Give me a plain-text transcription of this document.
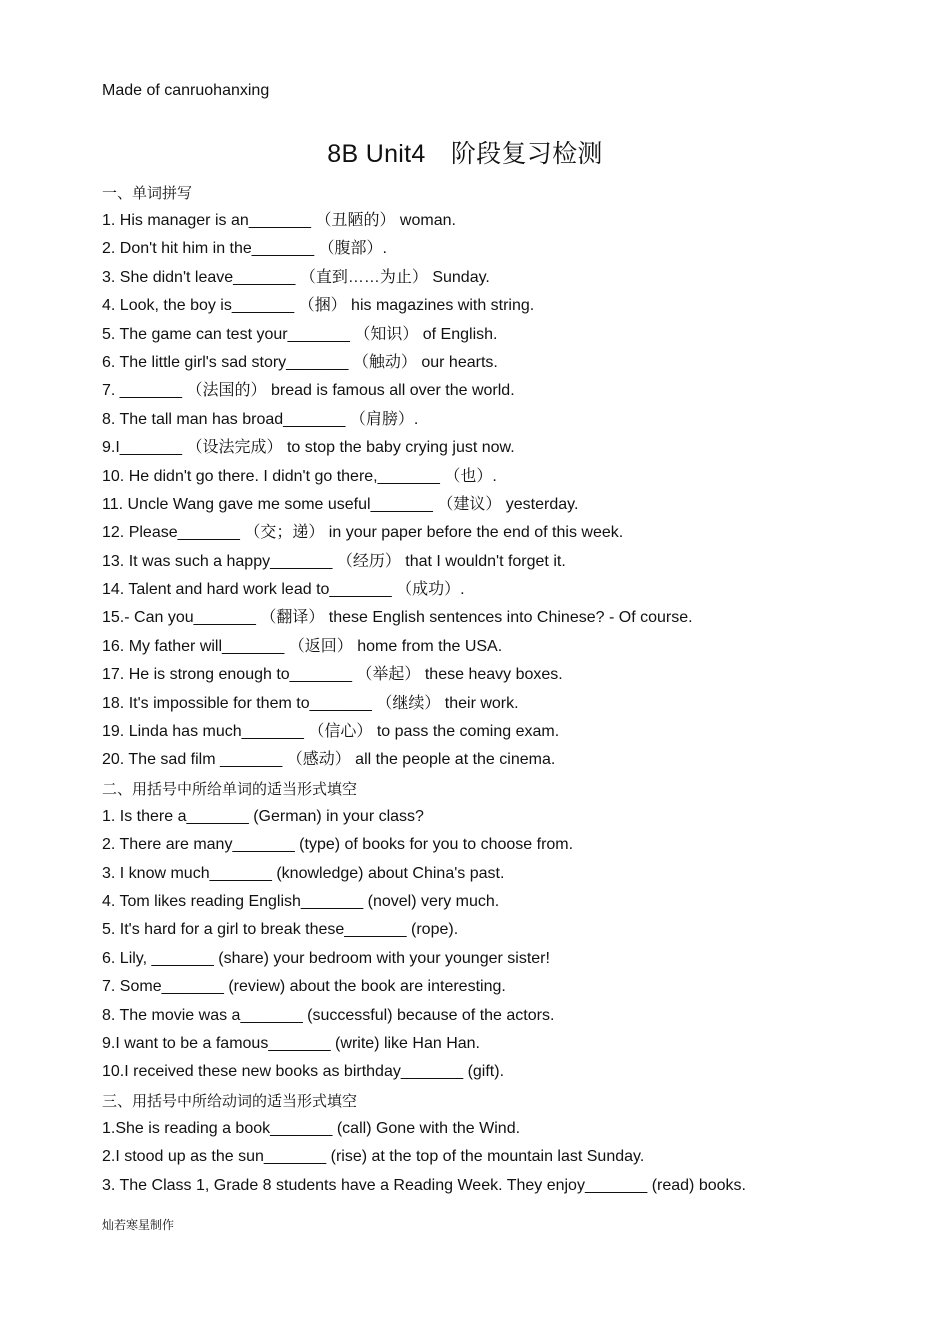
Made of canruohanxing
8B Unit4　阶段复习检测
一、单词拼写
1. His manager is an_______ （丑陋的） woman.
2. Don't hit him in the_______ （腹部）.
3. She didn't leave_______ （直到……为止） Sunday.
4. Look, the boy is_______ （捆） his magazines with string.
5. The game can test your_______ （知识） of English.
6. The little girl's sad story_______ （触动） our hearts.
7. _______ （法国的） bread is famous all over the world.
8. The tall man has broad_______ （肩膀）.
9.I_______ （设法完成） to stop the baby crying just now.
10. He didn't go there. I didn't go there,_______ （也）.
11. Uncle Wang gave me some useful_______ （建议） yesterday.
12. Please_______ （交；递） in your paper before the end of this week.
13. It was such a happy_______ （经历） that I wouldn't forget it.
14. Talent and hard work lead to_______ （成功）.
15.- Can you_______ （翻译） these English sentences into Chinese? - Of course.
16. My father will_______ （返回） home from the USA.
17. He is strong enough to_______ （举起） these heavy boxes.
18. It's impossible for them to_______ （继续） their work.
19. Linda has much_______ （信心） to pass the coming exam.
20. The sad film _______ （感动） all the people at the cinema.
二、用括号中所给单词的适当形式填空
1. Is there a_______ (German) in your class?
2. There are many_______ (type) of books for you to choose from.
3. I know much_______ (knowledge) about China's past.
4. Tom likes reading English_______ (novel) very much.
5. It's hard for a girl to break these_______ (rope).
6. Lily, _______ (share) your bedroom with your younger sister!
7. Some_______ (review) about the book are interesting.
8. The movie was a_______ (successful) because of the actors.
9.I want to be a famous_______ (write) like Han Han.
10.I received these new books as birthday_______ (gift).
三、用括号中所给动词的适当形式填空
1.She is reading a book_______ (call) Gone with the Wind.
2.I stood up as the sun_______ (rise) at the top of the mountain last Sunday.
3. The Class 1, Grade 8 students have a Reading Week. They enjoy_______ (read) books.
灿若寒星制作
